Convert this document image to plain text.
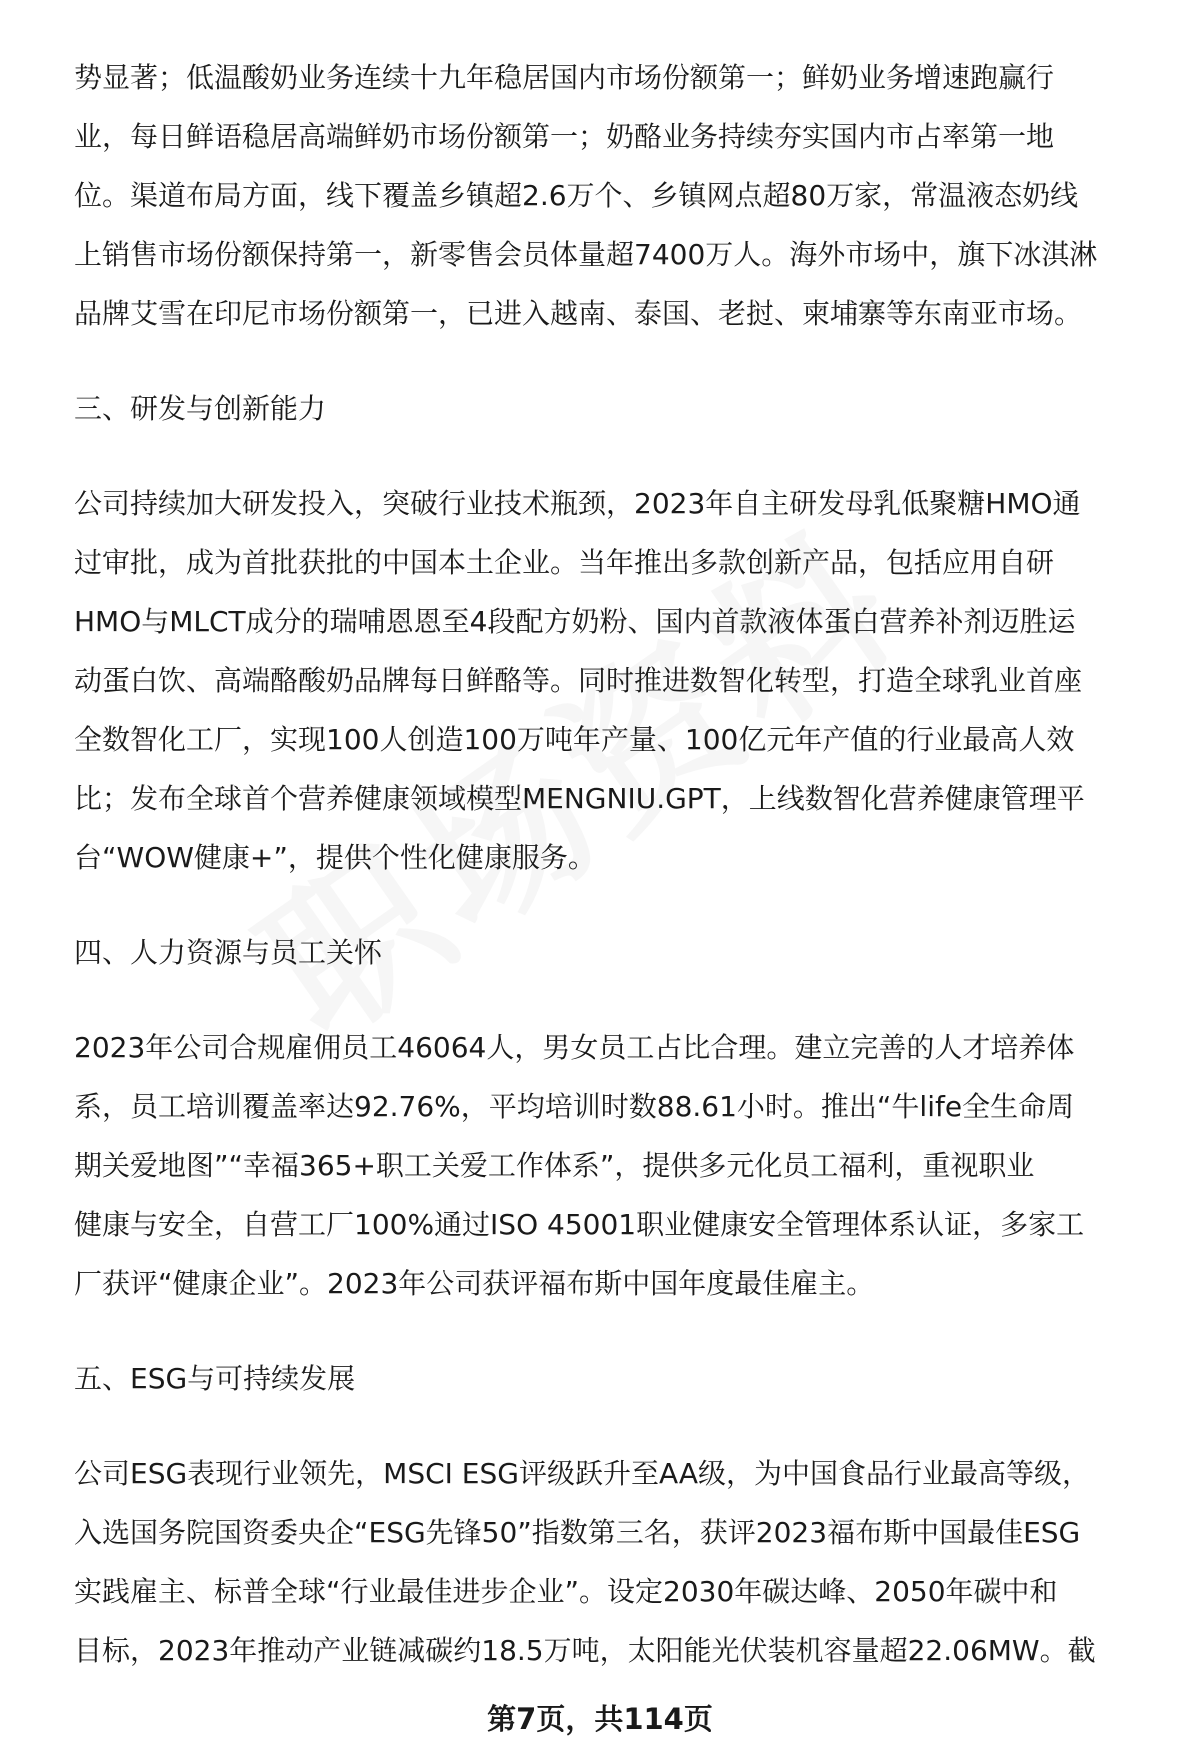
势显著；低温酸奶业务连续十九年稳居国内市场份额第一；鲜奶业务增速跑赢行
业，每日鲜语稳居高端鲜奶市场份额第一；奶酪业务持续夯实国内市占率第一地
位。渠道布局方面，线下覆盖乡镇超2.6万个、乡镇网点超80万家，常温液态奶线
上销售市场份额保持第一，新零售会员体量超7400万人。海外市场中，旗下冰淇淋
品牌艾雪在印尼市场份额第一，已进入越南、泰国、老挝、柬埔寨等东南亚市场。
三、研发与创新能力
公司持续加大研发投入，突破行业技术瓶颈，2023年自主研发母乳低聚糖HMO通
过审批，成为首批获批的中国本土企业。当年推出多款创新产品，包括应用自研
HMO与MLCT成分的瑞哺恩恩至4段配方奶粉、国内首款液体蛋白营养补剂迈胜运
动蛋白饮、高端酪酸奶品牌每日鲜酪等。同时推进数智化转型，打造全球乳业首座
全数智化工厂，实现100人创造100万吨年产量、100亿元年产值的行业最高人效
比；发布全球首个营养健康领域模型MENGNIU.GPT，上线数智化营养健康管理平
台“WOW健康+”，提供个性化健康服务。
四、人力资源与员工关怀
2023年公司合规雇佣员工46064人，男女员工占比合理。建立完善的人才培养体
系，员工培训覆盖率达92.76%，平均培训时数88.61小时。推出“牛life全生命周
期关爱地图”“幸福365+职工关爱工作体系”，提供多元化员工福利，重视职业
健康与安全，自营工厂100%通过ISO 45001职业健康安全管理体系认证，多家工
厂获评“健康企业”。2023年公司获评福布斯中国年度最佳雇主。
五、ESG与可持续发展
公司ESG表现行业领先，MSCI ESG评级跃升至AA级，为中国食品行业最高等级，
入选国务院国资委央企“ESG先锋50”指数第三名，获评2023福布斯中国最佳ESG
实践雇主、标普全球“行业最佳进步企业”。设定2030年碳达峰、2050年碳中和
目标，2023年推动产业链减碳约18.5万吨，太阳能光伏装机容量超22.06MW。截
第7页，共114页
